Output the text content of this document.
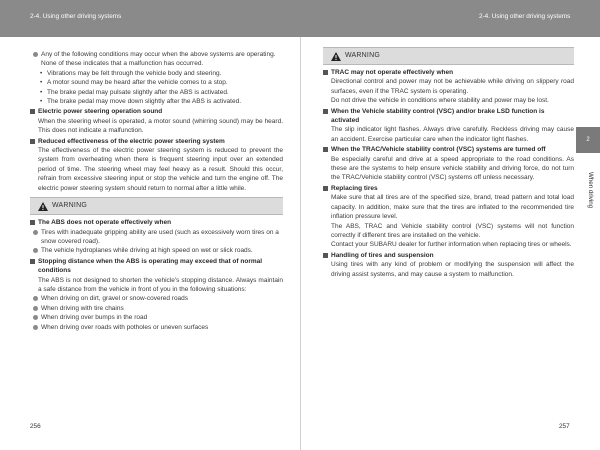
2-4. Using other driving systems	2-4. Using other driving systems

Any of the following conditions may occur when the above systems are operating. None of these indicates that a malfunction has occurred.

• Vibrations may be felt through the vehicle body and steering.

• A motor sound may be heard after the vehicle comes to a stop.

• The brake pedal may pulsate slightly after the ABS is activated.

• The brake pedal may move down slightly after the ABS is activated.

Electric power steering operation sound

When the steering wheel is operated, a motor sound (whirring sound) may be heard. This does not indicate a malfunction.

Reduced effectiveness of the electric power steering system

The effectiveness of the electric power steering system is reduced to prevent the system from overheating when there is frequent steering input over an extended period of time. The steering wheel may feel heavy as a result. Should this occur, refrain from excessive steering input or stop the vehicle and turn the engine off. The electric power steering system should return to normal after a little while.

WARNING

The ABS does not operate effectively when

Tires with inadequate gripping ability are used (such as excessively worn tires on a snow covered road).

The vehicle hydroplanes while driving at high speed on wet or slick roads.

Stopping distance when the ABS is operating may exceed that of normal conditions

The ABS is not designed to shorten the vehicle's stopping distance. Always maintain a safe distance from the vehicle in front of you in the following situations:

When driving on dirt, gravel or snow-covered roads

When driving with tire chains

When driving over bumps in the road

When driving over roads with potholes or uneven surfaces

WARNING

TRAC may not operate effectively when

Directional control and power may not be achievable while driving on slippery road surfaces, even if the TRAC system is operating.

Do not drive the vehicle in conditions where stability and power may be lost.

When the Vehicle stability control (VSC) and/or brake LSD function is activated

The slip indicator light flashes. Always drive carefully. Reckless driving may cause an accident. Exercise particular care when the indicator light flashes.

When the TRAC/Vehicle stability control (VSC) systems are turned off

Be especially careful and drive at a speed appropriate to the road conditions. As these are the systems to help ensure vehicle stability and driving force, do not turn the TRAC/Vehicle stability control (VSC) systems off unless necessary.

Replacing tires

Make sure that all tires are of the specified size, brand, tread pattern and total load capacity. In addition, make sure that the tires are inflated to the recommended tire inflation pressure level.

The ABS, TRAC and Vehicle stability control (VSC) systems will not function correctly if different tires are installed on the vehicle.

Contact your SUBARU dealer for further information when replacing tires or wheels.

Handling of tires and suspension

Using tires with any kind of problem or modifying the suspension will affect the driving assist systems, and may cause a system to malfunction.

2
When driving
256	257
